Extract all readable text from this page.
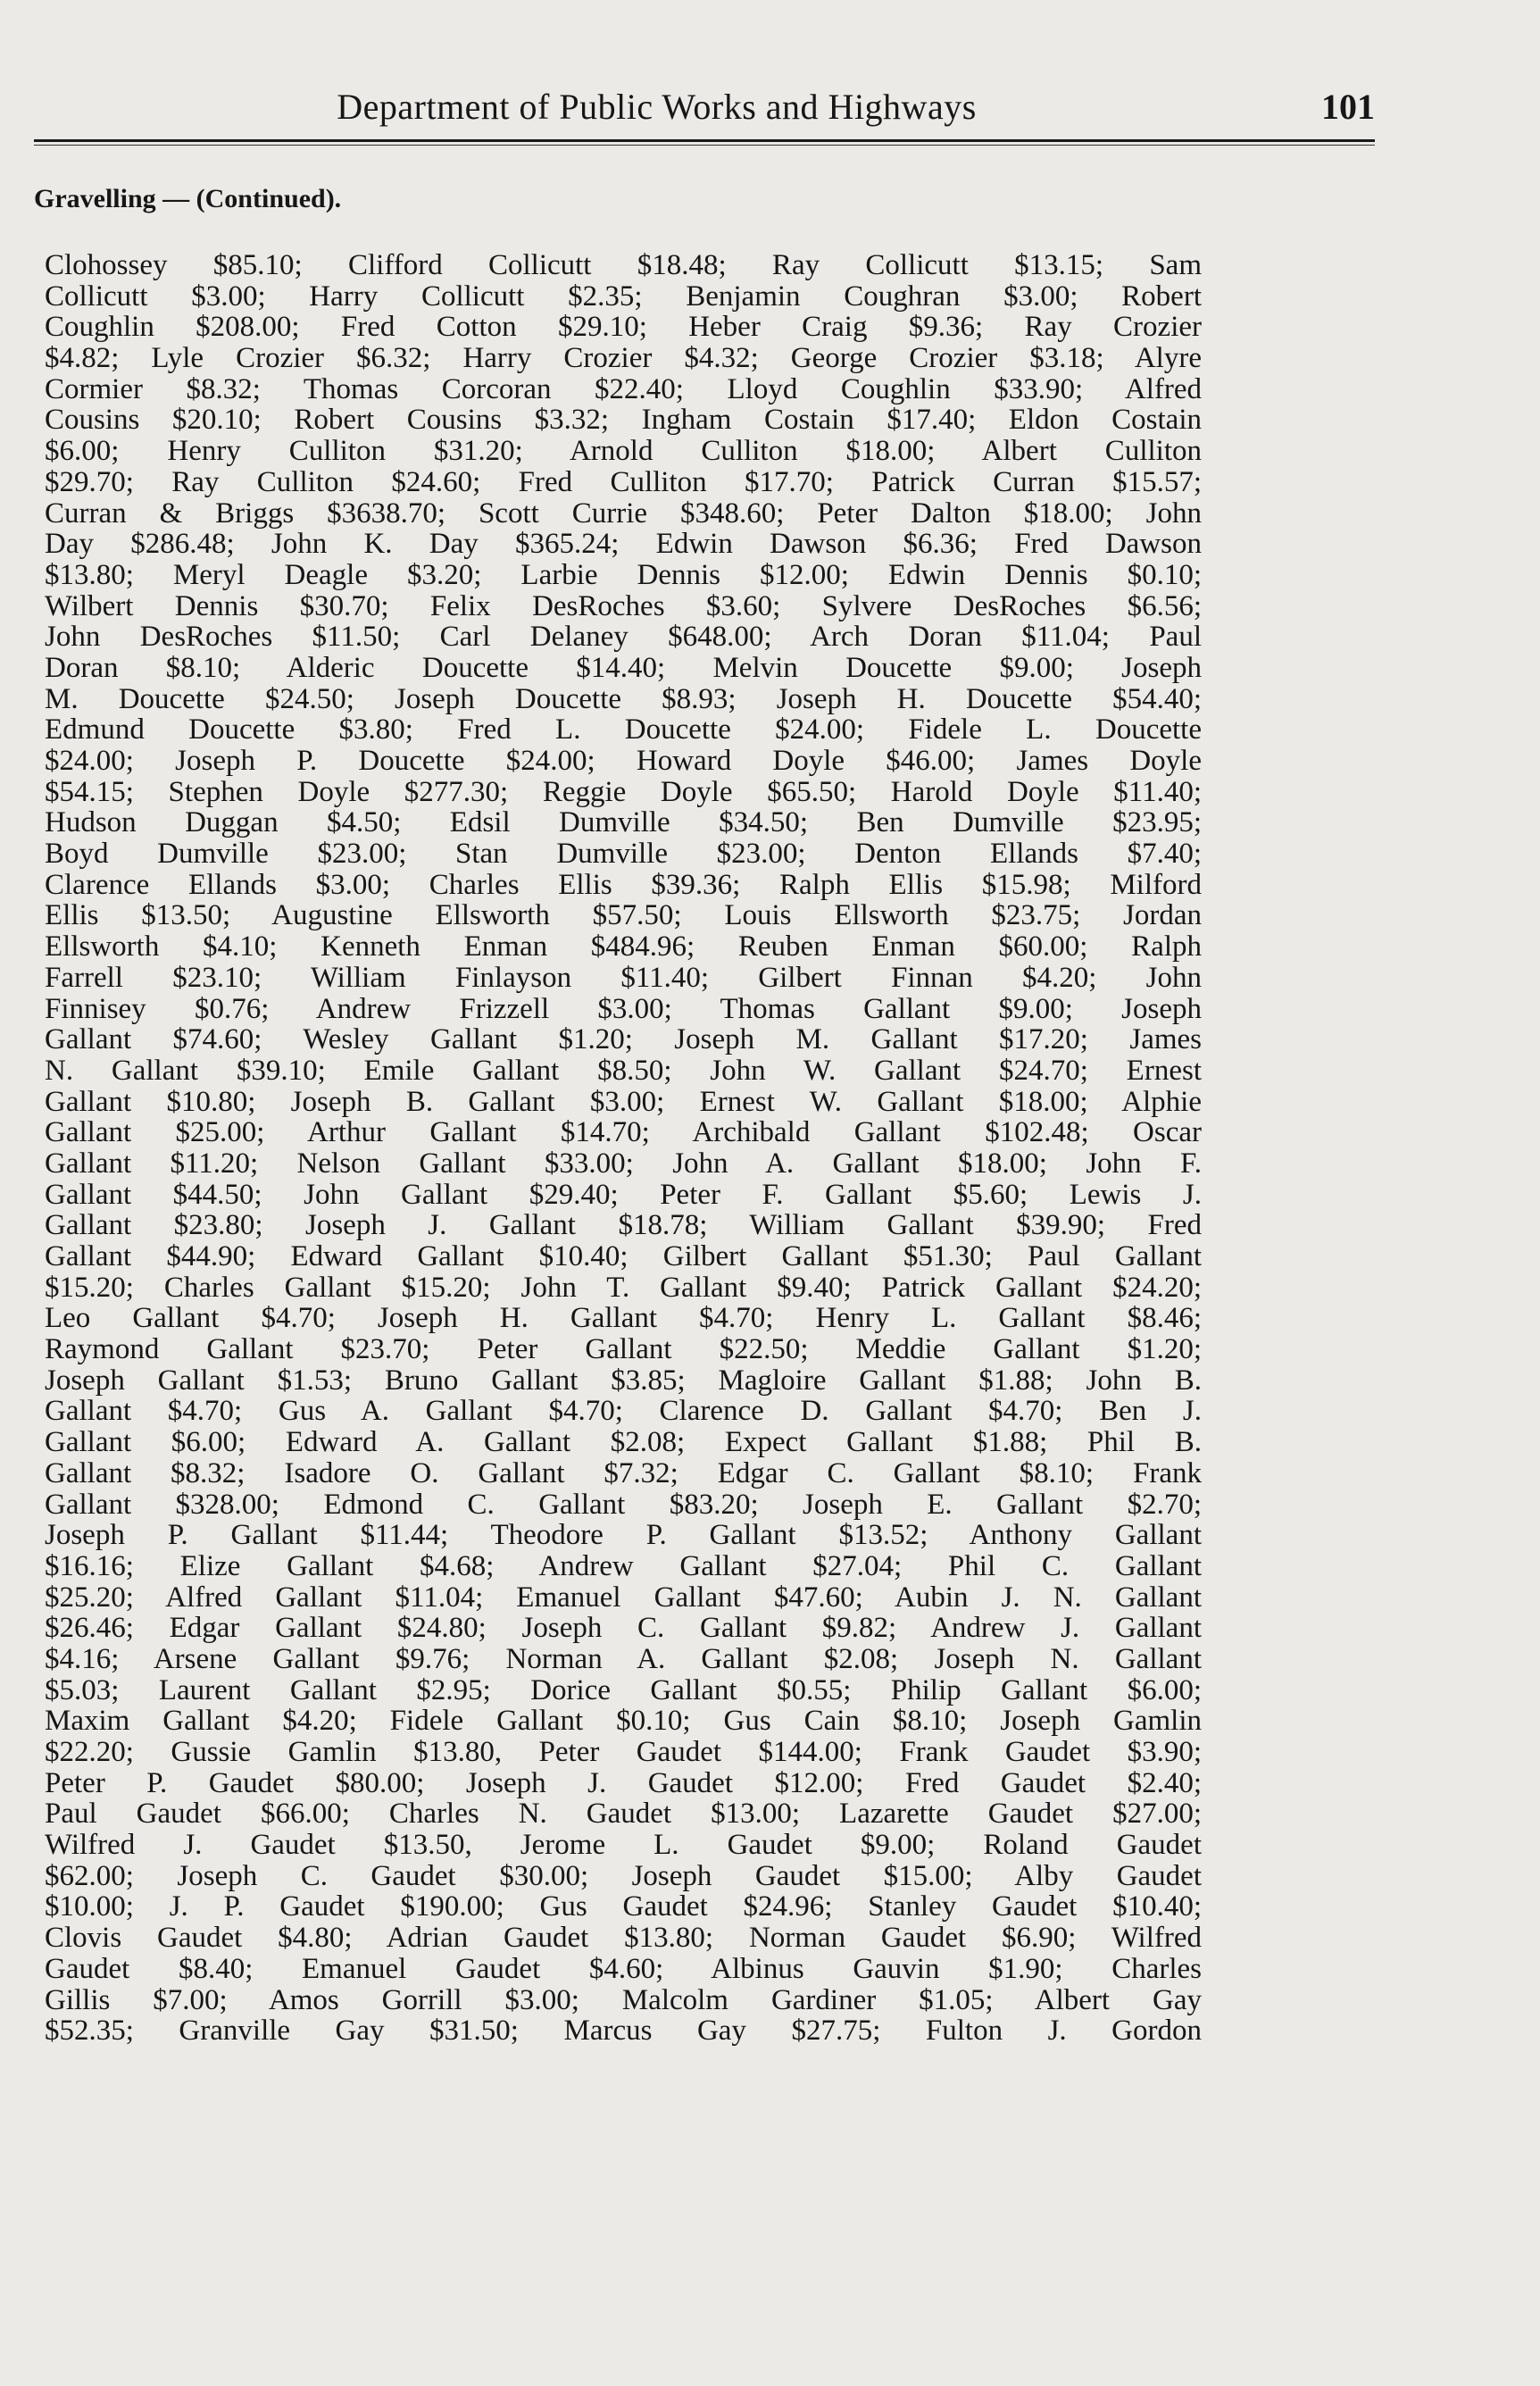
Department of Public Works and Highways	101
Gravelling — (Continued).
Clohossey $85.10; Clifford Collicutt $18.48; Ray Collicutt $13.15; Sam
Collicutt $3.00; Harry Collicutt $2.35; Benjamin Coughran $3.00; Robert
Coughlin $208.00; Fred Cotton $29.10; Heber Craig $9.36; Ray Crozier
$4.82; Lyle Crozier $6.32; Harry Crozier $4.32; George Crozier $3.18; Alyre
Cormier $8.32; Thomas Corcoran $22.40; Lloyd Coughlin $33.90; Alfred
Cousins $20.10; Robert Cousins $3.32; Ingham Costain $17.40; Eldon Costain
$6.00; Henry Culliton $31.20; Arnold Culliton $18.00; Albert Culliton
$29.70; Ray Culliton $24.60; Fred Culliton $17.70; Patrick Curran $15.57;
Curran & Briggs $3638.70; Scott Currie $348.60; Peter Dalton $18.00; John
Day $286.48; John K. Day $365.24; Edwin Dawson $6.36; Fred Dawson
$13.80; Meryl Deagle $3.20; Larbie Dennis $12.00; Edwin Dennis $0.10;
Wilbert Dennis $30.70; Felix DesRoches $3.60; Sylvere DesRoches $6.56;
John DesRoches $11.50; Carl Delaney $648.00; Arch Doran $11.04; Paul
Doran $8.10; Alderic Doucette $14.40; Melvin Doucette $9.00; Joseph
M. Doucette $24.50; Joseph Doucette $8.93; Joseph H. Doucette $54.40;
Edmund Doucette $3.80; Fred L. Doucette $24.00; Fidele L. Doucette
$24.00; Joseph P. Doucette $24.00; Howard Doyle $46.00; James Doyle
$54.15; Stephen Doyle $277.30; Reggie Doyle $65.50; Harold Doyle $11.40;
Hudson Duggan $4.50; Edsil Dumville $34.50; Ben Dumville $23.95;
Boyd Dumville $23.00; Stan Dumville $23.00; Denton Ellands $7.40;
Clarence Ellands $3.00; Charles Ellis $39.36; Ralph Ellis $15.98; Milford
Ellis $13.50; Augustine Ellsworth $57.50; Louis Ellsworth $23.75; Jordan
Ellsworth $4.10; Kenneth Enman $484.96; Reuben Enman $60.00; Ralph
Farrell $23.10; William Finlayson $11.40; Gilbert Finnan $4.20; John
Finnisey $0.76; Andrew Frizzell $3.00; Thomas Gallant $9.00; Joseph
Gallant $74.60; Wesley Gallant $1.20; Joseph M. Gallant $17.20; James
N. Gallant $39.10; Emile Gallant $8.50; John W. Gallant $24.70; Ernest
Gallant $10.80; Joseph B. Gallant $3.00; Ernest W. Gallant $18.00; Alphie
Gallant $25.00; Arthur Gallant $14.70; Archibald Gallant $102.48; Oscar
Gallant $11.20; Nelson Gallant $33.00; John A. Gallant $18.00; John F.
Gallant $44.50; John Gallant $29.40; Peter F. Gallant $5.60; Lewis J.
Gallant $23.80; Joseph J. Gallant $18.78; William Gallant $39.90; Fred
Gallant $44.90; Edward Gallant $10.40; Gilbert Gallant $51.30; Paul Gallant
$15.20; Charles Gallant $15.20; John T. Gallant $9.40; Patrick Gallant $24.20;
Leo Gallant $4.70; Joseph H. Gallant $4.70; Henry L. Gallant $8.46;
Raymond Gallant $23.70; Peter Gallant $22.50; Meddie Gallant $1.20;
Joseph Gallant $1.53; Bruno Gallant $3.85; Magloire Gallant $1.88; John B.
Gallant $4.70; Gus A. Gallant $4.70; Clarence D. Gallant $4.70; Ben J.
Gallant $6.00; Edward A. Gallant $2.08; Expect Gallant $1.88; Phil B.
Gallant $8.32; Isadore O. Gallant $7.32; Edgar C. Gallant $8.10; Frank
Gallant $328.00; Edmond C. Gallant $83.20; Joseph E. Gallant $2.70;
Joseph P. Gallant $11.44; Theodore P. Gallant $13.52; Anthony Gallant
$16.16; Elize Gallant $4.68; Andrew Gallant $27.04; Phil C. Gallant
$25.20; Alfred Gallant $11.04; Emanuel Gallant $47.60; Aubin J. N. Gallant
$26.46; Edgar Gallant $24.80; Joseph C. Gallant $9.82; Andrew J. Gallant
$4.16; Arsene Gallant $9.76; Norman A. Gallant $2.08; Joseph N. Gallant
$5.03; Laurent Gallant $2.95; Dorice Gallant $0.55; Philip Gallant $6.00;
Maxim Gallant $4.20; Fidele Gallant $0.10; Gus Cain $8.10; Joseph Gamlin
$22.20; Gussie Gamlin $13.80, Peter Gaudet $144.00; Frank Gaudet $3.90;
Peter P. Gaudet $80.00; Joseph J. Gaudet $12.00; Fred Gaudet $2.40;
Paul Gaudet $66.00; Charles N. Gaudet $13.00; Lazarette Gaudet $27.00;
Wilfred J. Gaudet $13.50, Jerome L. Gaudet $9.00; Roland Gaudet
$62.00; Joseph C. Gaudet $30.00; Joseph Gaudet $15.00; Alby Gaudet
$10.00; J. P. Gaudet $190.00; Gus Gaudet $24.96; Stanley Gaudet $10.40;
Clovis Gaudet $4.80; Adrian Gaudet $13.80; Norman Gaudet $6.90; Wilfred
Gaudet $8.40; Emanuel Gaudet $4.60; Albinus Gauvin $1.90; Charles
Gillis $7.00; Amos Gorrill $3.00; Malcolm Gardiner $1.05; Albert Gay
$52.35; Granville Gay $31.50; Marcus Gay $27.75; Fulton J. Gordon
